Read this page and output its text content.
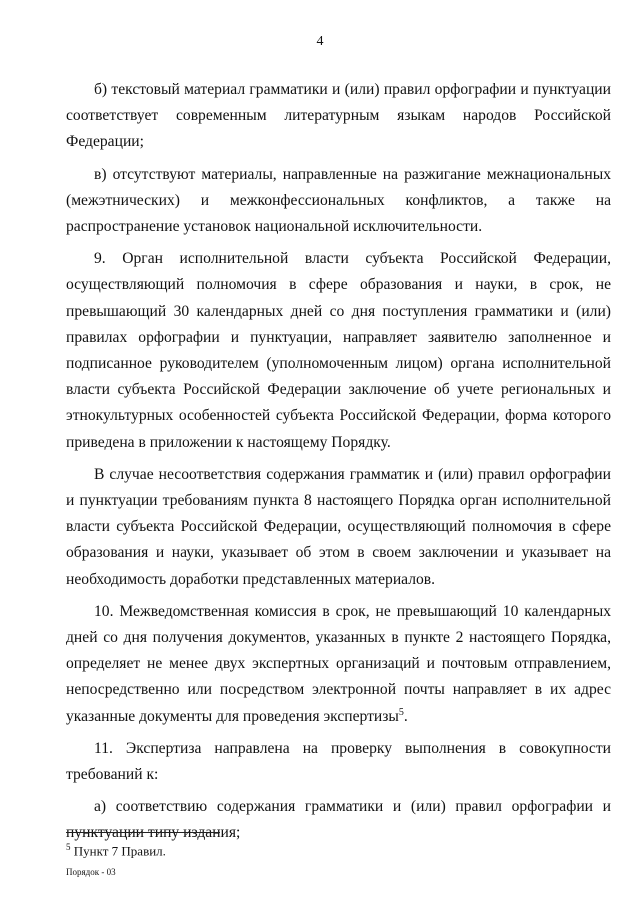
4

б) текстовый материал грамматики и (или) правил орфографии и пунктуации соответствует современным литературным языкам народов Российской Федерации;

в) отсутствуют материалы, направленные на разжигание межнациональных (межэтнических) и межконфессиональных конфликтов, а также на распространение установок национальной исключительности.

9. Орган исполнительной власти субъекта Российской Федерации, осуществляющий полномочия в сфере образования и науки, в срок, не превышающий 30 календарных дней со дня поступления грамматики и (или) правилах орфографии и пунктуации, направляет заявителю заполненное и подписанное руководителем (уполномоченным лицом) органа исполнительной власти субъекта Российской Федерации заключение об учете региональных и этнокультурных особенностей субъекта Российской Федерации, форма которого приведена в приложении к настоящему Порядку.

В случае несоответствия содержания грамматик и (или) правил орфографии и пунктуации требованиям пункта 8 настоящего Порядка орган исполнительной власти субъекта Российской Федерации, осуществляющий полномочия в сфере образования и науки, указывает об этом в своем заключении и указывает на необходимость доработки представленных материалов.

10. Межведомственная комиссия в срок, не превышающий 10 календарных дней со дня получения документов, указанных в пункте 2 настоящего Порядка, определяет не менее двух экспертных организаций и почтовым отправлением, непосредственно или посредством электронной почты направляет в их адрес указанные документы для проведения экспертизы$^5$.

11. Экспертиза направлена на проверку выполнения в совокупности требований к:

а) соответствию содержания грамматики и (или) правил орфографии и пунктуации типу издания;

$^5$ Пункт 7 Правил.
Порядок - 03
